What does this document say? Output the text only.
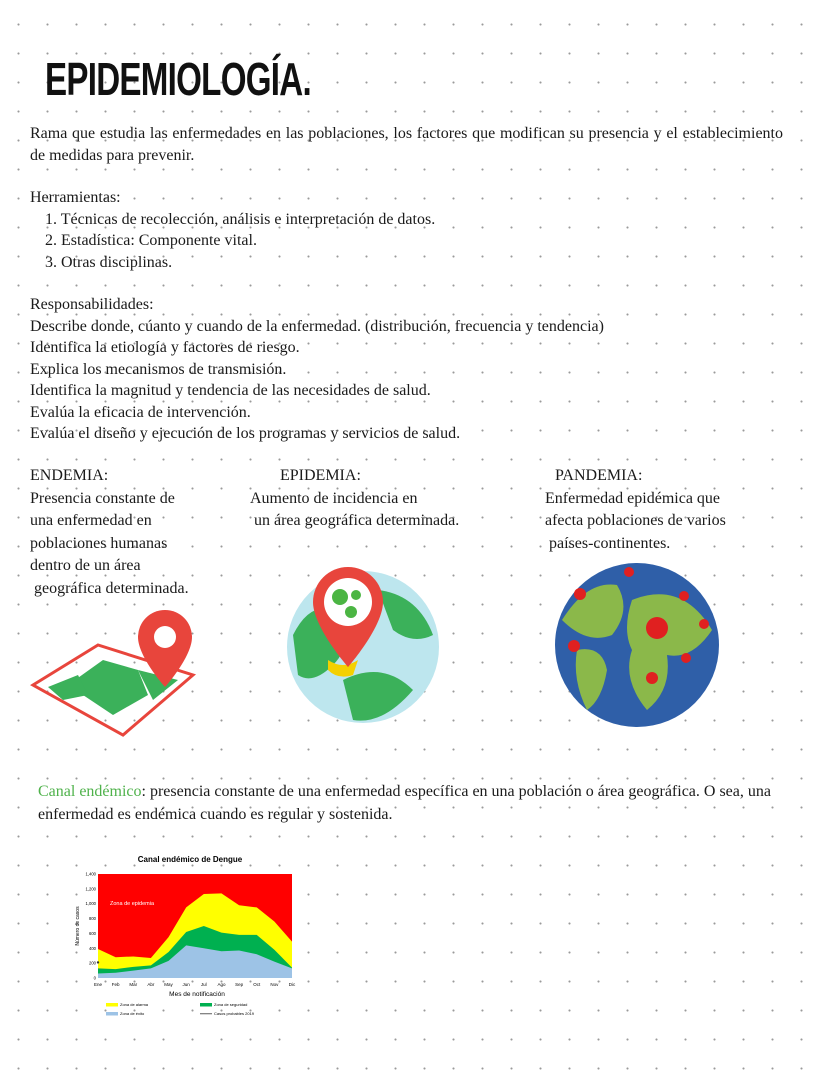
EPIDEMIOLOGÍA.
Rama que estudia las enfermedades en las poblaciones, los factores que modifican su presencia y el establecimiento de medidas para prevenir.
Herramientas:
1. Técnicas de recolección, análisis e interpretación de datos.
2. Estadística: Componente vital.
3. Otras disciplinas.
Responsabilidades:
Describe donde, cúanto y cuando de la enfermedad. (distribución, frecuencia y tendencia)
Identifica la etiología y factores de riesgo.
Explica los mecanismos de transmisión.
Identifica la magnitud y tendencia de las necesidades de salud.
Evalúa la eficacia de intervención.
Evalúa el diseño y ejecución de los programas y servicios de salud.
ENDEMIA:
Presencia constante de
una enfermedad en
poblaciones humanas
dentro de un área
geográfica determinada.
EPIDEMIA:
Aumento de incidencia en
un área geográfica determinada.
PANDEMIA:
Enfermedad epidémica que
afecta poblaciones de varios
países-continentes.
Canal endémico: presencia constante de una enfermedad específica en una población o área geográfica. O sea, una enfermedad es endémica cuando es regular y sostenida.
Canal endémico de Dengue
Zona de epidemia
0
200
400
600
800
1,000
1,200
1,400
Ene Feb Mar Abr May Jun Jul Ago Sep Oct Nov Dic
Mes de notificación
Número de casos
Zona de alarma	Zona de seguridad
Zona de éxito	Casos probables 2019
